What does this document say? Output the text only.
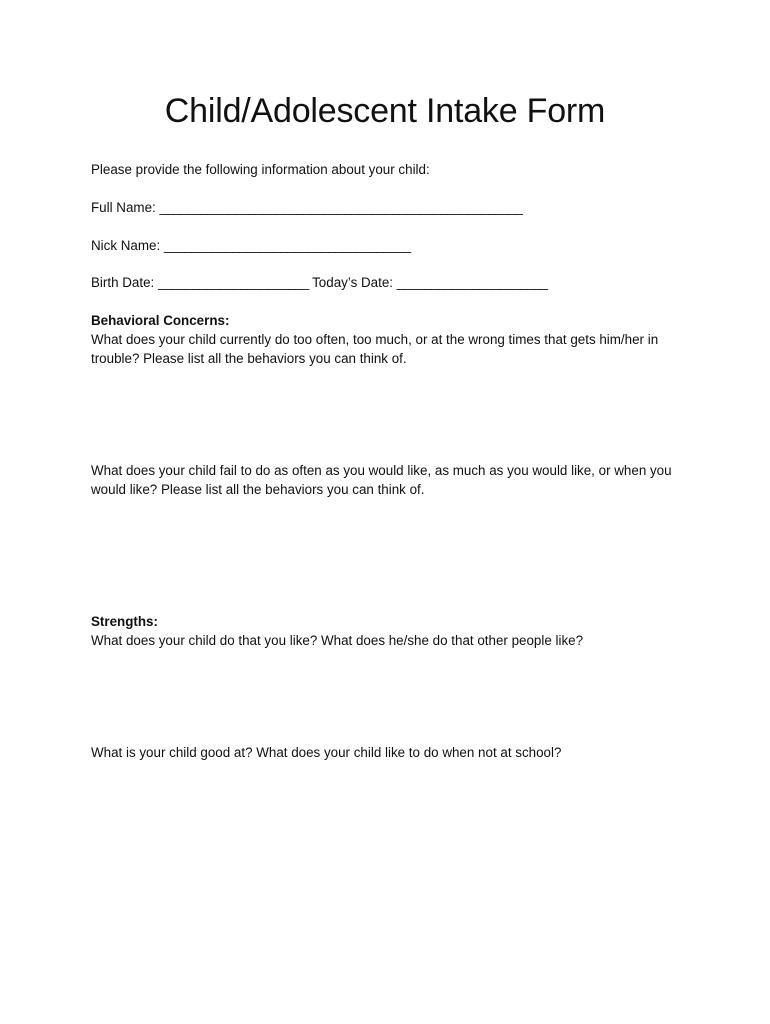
Child/Adolescent Intake Form

Please provide the following information about your child:

Full Name: _____________________________________________________
Nick Name: ____________________________________
Birth Date: ______________________ Today’s Date: ______________________
Behavioral Concerns:
What does your child currently do too often, too much, or at the wrong times that gets him/her in trouble? Please list all the behaviors you can think of.
What does your child fail to do as often as you would like, as much as you would like, or when you would like? Please list all the behaviors you can think of.
Strengths:
What does your child do that you like? What does he/she do that other people like?
What is your child good at? What does your child like to do when not at school?
